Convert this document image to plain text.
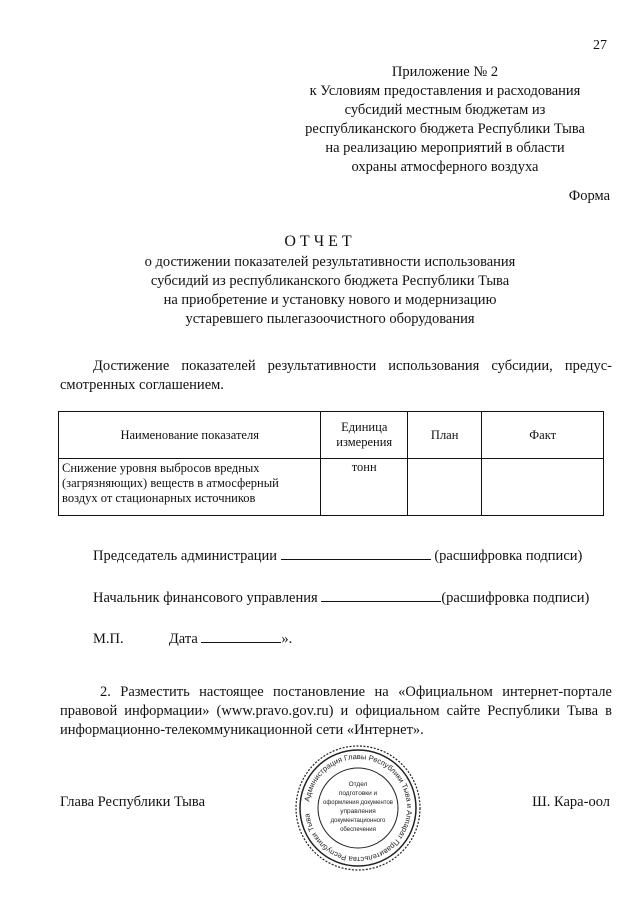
27
Приложение № 2
к Условиям предоставления и расходования
субсидий местным бюджетам из
республиканского бюджета Республики Тыва
на реализацию мероприятий в области
охраны атмосферного воздуха
Форма
ОТЧЕТ
о достижении показателей результативности использования
субсидий из республиканского бюджета Республики Тыва
на приобретение и установку нового и модернизацию
устаревшего пылегазоочистного оборудования
Достижение показателей результативности использования субсидии, предус-
смотренных соглашением.
Наименование показателя	Единица измерения	План	Факт
Снижение уровня выбросов вредных (загрязняющих) веществ в атмосферный воздух от стационарных источников	тонн		
Председатель администрации	(расшифровка подписи)
Начальник финансового управления	(расшифровка подписи)
М.П.	Дата	».
2. Разместить настоящее постановление на «Официальном интернет-портале
правовой информации» (www.pravo.gov.ru) и официальном сайте Республики Тыва в
информационно-телекоммуникационной сети «Интернет».
Глава Республики Тыва	Ш. Кара-оол
Администрация Главы Республики Тыва и Аппарат Правительства Республики Тыва
Отдел
подготовки и
оформления документов
управления
документационного
обеспечения
